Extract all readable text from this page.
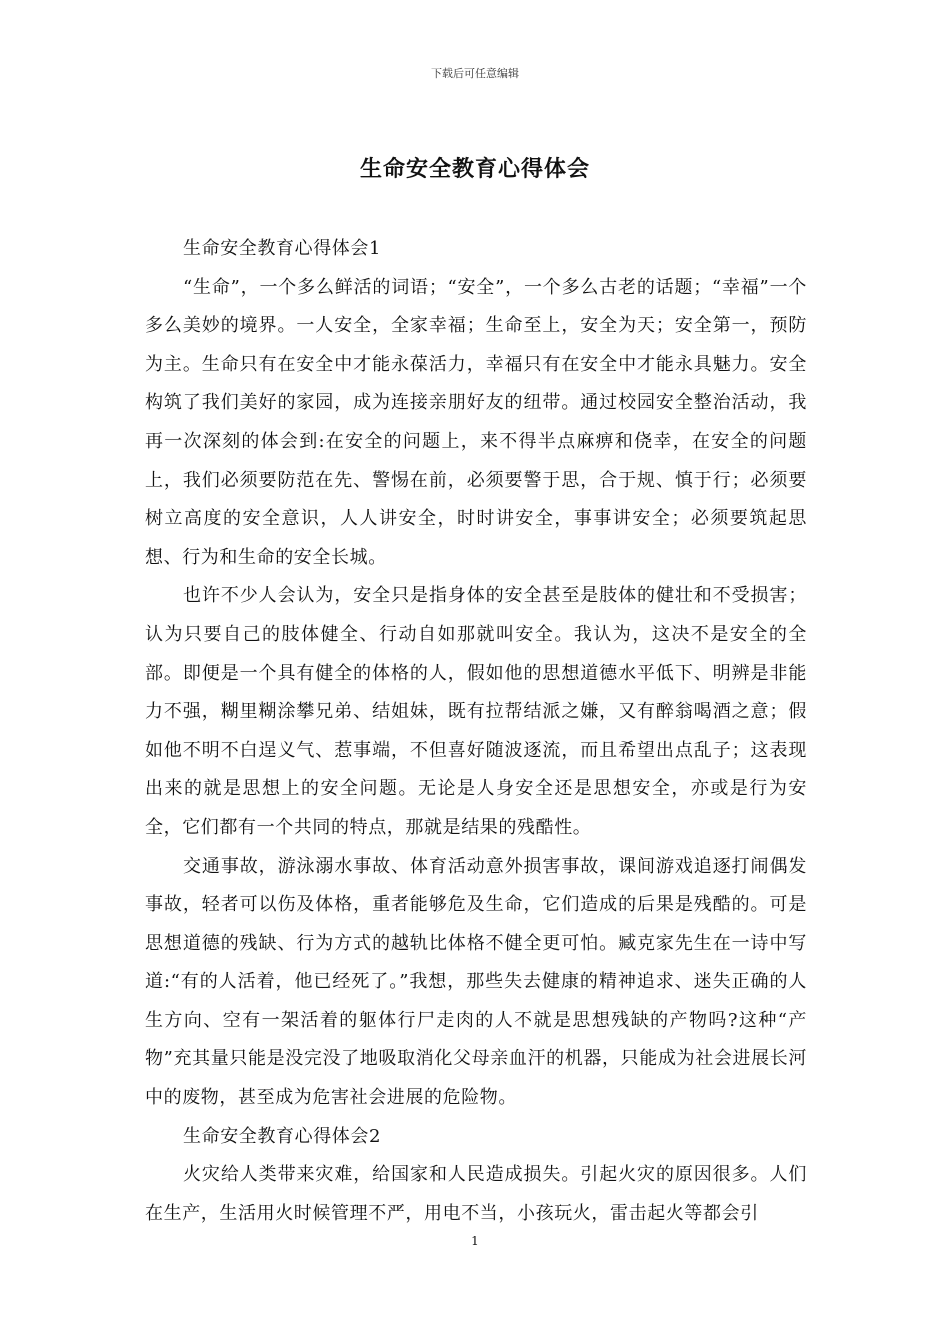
下载后可任意编辑
生命安全教育心得体会

生命安全教育心得体会1

“生命”，一个多么鲜活的词语；“安全”，一个多么古老的话题；“幸福”一个多么美妙的境界。一人安全，全家幸福；生命至上，安全为天；安全第一，预防为主。生命只有在安全中才能永葆活力，幸福只有在安全中才能永具魅力。安全构筑了我们美好的家园，成为连接亲朋好友的纽带。通过校园安全整治活动，我再一次深刻的体会到:在安全的问题上，来不得半点麻痹和侥幸，在安全的问题上，我们必须要防范在先、警惕在前，必须要警于思，合于规、慎于行；必须要树立高度的安全意识，人人讲安全，时时讲安全，事事讲安全；必须要筑起思想、行为和生命的安全长城。

也许不少人会认为，安全只是指身体的安全甚至是肢体的健壮和不受损害；认为只要自己的肢体健全、行动自如那就叫安全。我认为，这决不是安全的全部。即便是一个具有健全的体格的人，假如他的思想道德水平低下、明辨是非能力不强，糊里糊涂攀兄弟、结姐妹，既有拉帮结派之嫌，又有醉翁喝酒之意；假如他不明不白逞义气、惹事端，不但喜好随波逐流，而且希望出点乱子；这表现出来的就是思想上的安全问题。无论是人身安全还是思想安全，亦或是行为安全，它们都有一个共同的特点，那就是结果的残酷性。

交通事故，游泳溺水事故、体育活动意外损害事故，课间游戏追逐打闹偶发事故，轻者可以伤及体格，重者能够危及生命，它们造成的后果是残酷的。可是思想道德的残缺、行为方式的越轨比体格不健全更可怕。臧克家先生在一诗中写道:“有的人活着，他已经死了。”我想，那些失去健康的精神追求、迷失正确的人生方向、空有一架活着的躯体行尸走肉的人不就是思想残缺的产物吗?这种“产物”充其量只能是没完没了地吸取消化父母亲血汗的机器，只能成为社会进展长河中的废物，甚至成为危害社会进展的危险物。

生命安全教育心得体会2

火灾给人类带来灾难，给国家和人民造成损失。引起火灾的原因很多。人们在生产，生活用火时候管理不严，用电不当，小孩玩火，雷击起火等都会引

1
